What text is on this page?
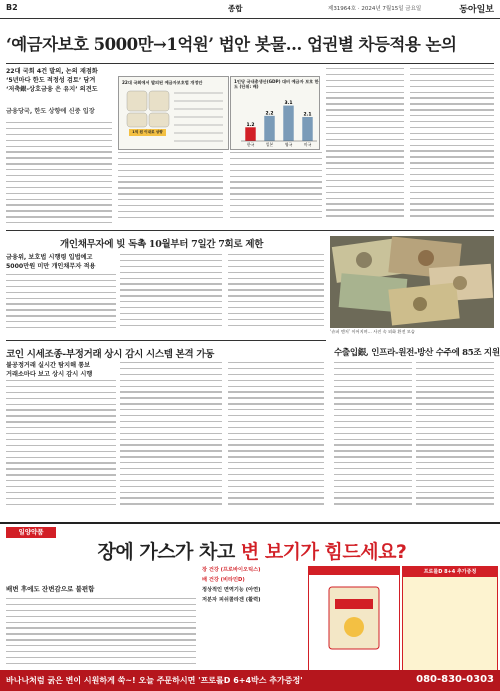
B2	종합	제31964호 · 2024년 7월15일 금요일	동아일보
‘예금자보호 5000만→1억원’ 법안 봇물… 업권별 차등적용 논의
22대 국회 4건 발의, 논의 재점화
‘5년마다 한도 적정성 검토’ 담겨
‘저축銀-상호금융 은 유지’ 의견도
금융당국, 한도 상향에 신중 입장
22대 국회에서 발의된 예금자보호법 개정안
1억 원 이내로 상향
1인당 국내총생산(GDP) 대비 예금자 보호 한도 (단위: 배)
1.2
한국
2.2
일본
3.1
영국
2.1
미국
개인채무자에 빚 독촉 10월부터 7일간 7회로 제한
금융위, 보호법 시행령 입법예고
5000만원 미만 개인채무자 적용
‘슈퍼 엔저’ 이어지며… 사진 속 외화 환전 모습
코인 시세조종-부정거래 상시 감시 시스템 본격 가동
불공정거래 실시간 탐지해 통보
거래소마다 보고 상시 감시 시행
수출입銀, 인프라-원전-방산 수주에 85조 지원
일양약품
장에 가스가 차고 변 보기가 힘드세요?
배변 후에도 잔변감으로 불편함
장 건강 (프로바이오틱스)
배 건강 (비타민D)
정상적인 면역기능 (아연)
저분자 피쉬콜라겐 (활력)
프로롤D 8+4 추가증정
바나나처럼 굵은 변이 시원하게 쑥~! 오늘 주문하시면 '프로롤D 6+4박스 추가증정'	080-830-0303
